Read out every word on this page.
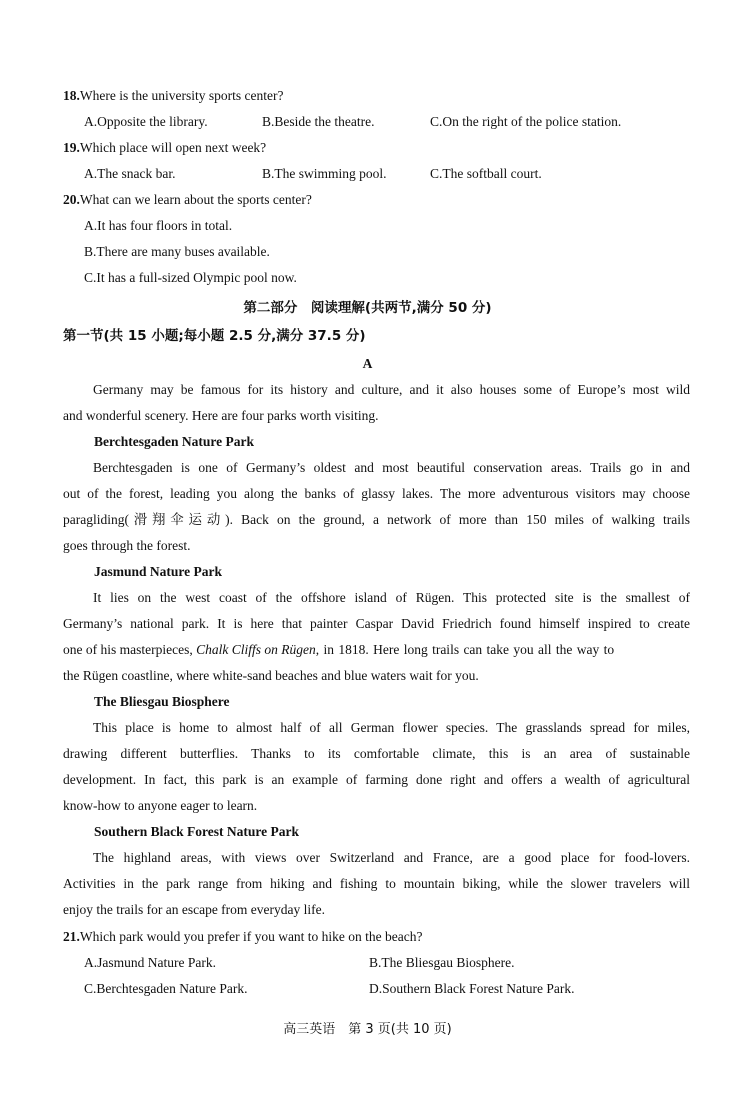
18.Where is the university sports center?
A.Opposite the library.	B.Beside the theatre.	C.On the right of the police station.
19.Which place will open next week?
A.The snack bar.	B.The swimming pool.	C.The softball court.
20.What can we learn about the sports center?
A.It has four floors in total.
B.There are many buses available.
C.It has a full-sized Olympic pool now.
第二部分　阅读理解(共两节,满分 50 分)
第一节(共 15 小题;每小题 2.5 分,满分 37.5 分)
A
Germany may be famous for its history and culture, and it also houses some of Europe’s most wild
and wonderful scenery. Here are four parks worth visiting.
Berchtesgaden Nature Park
Berchtesgaden is one of Germany’s oldest and most beautiful conservation areas. Trails go in and
out of the forest, leading you along the banks of glassy lakes. The more adventurous visitors may choose
paragliding(滑翔伞运动). Back on the ground, a network of more than 150 miles of walking trails
goes through the forest.
Jasmund Nature Park
It lies on the west coast of the offshore island of Rügen. This protected site is the smallest of
Germany’s national park. It is here that painter Caspar David Friedrich found himself inspired to create
one of his masterpieces, Chalk Cliffs on Rügen , in 1818. Here long trails can take you all the way to
the Rügen coastline, where white-sand beaches and blue waters wait for you.
The Bliesgau Biosphere
This place is home to almost half of all German flower species. The grasslands spread for miles,
drawing different butterflies. Thanks to its comfortable climate, this is an area of sustainable
development. In fact, this park is an example of farming done right and offers a wealth of agricultural
know-how to anyone eager to learn.
Southern Black Forest Nature Park
The highland areas, with views over Switzerland and France, are a good place for food-lovers.
Activities in the park range from hiking and fishing to mountain biking, while the slower travelers will
enjoy the trails for an escape from everyday life.
21.Which park would you prefer if you want to hike on the beach?
A.Jasmund Nature Park.	B.The Bliesgau Biosphere.
C.Berchtesgaden Nature Park.	D.Southern Black Forest Nature Park.
高三英语　第 3 页(共 10 页)
